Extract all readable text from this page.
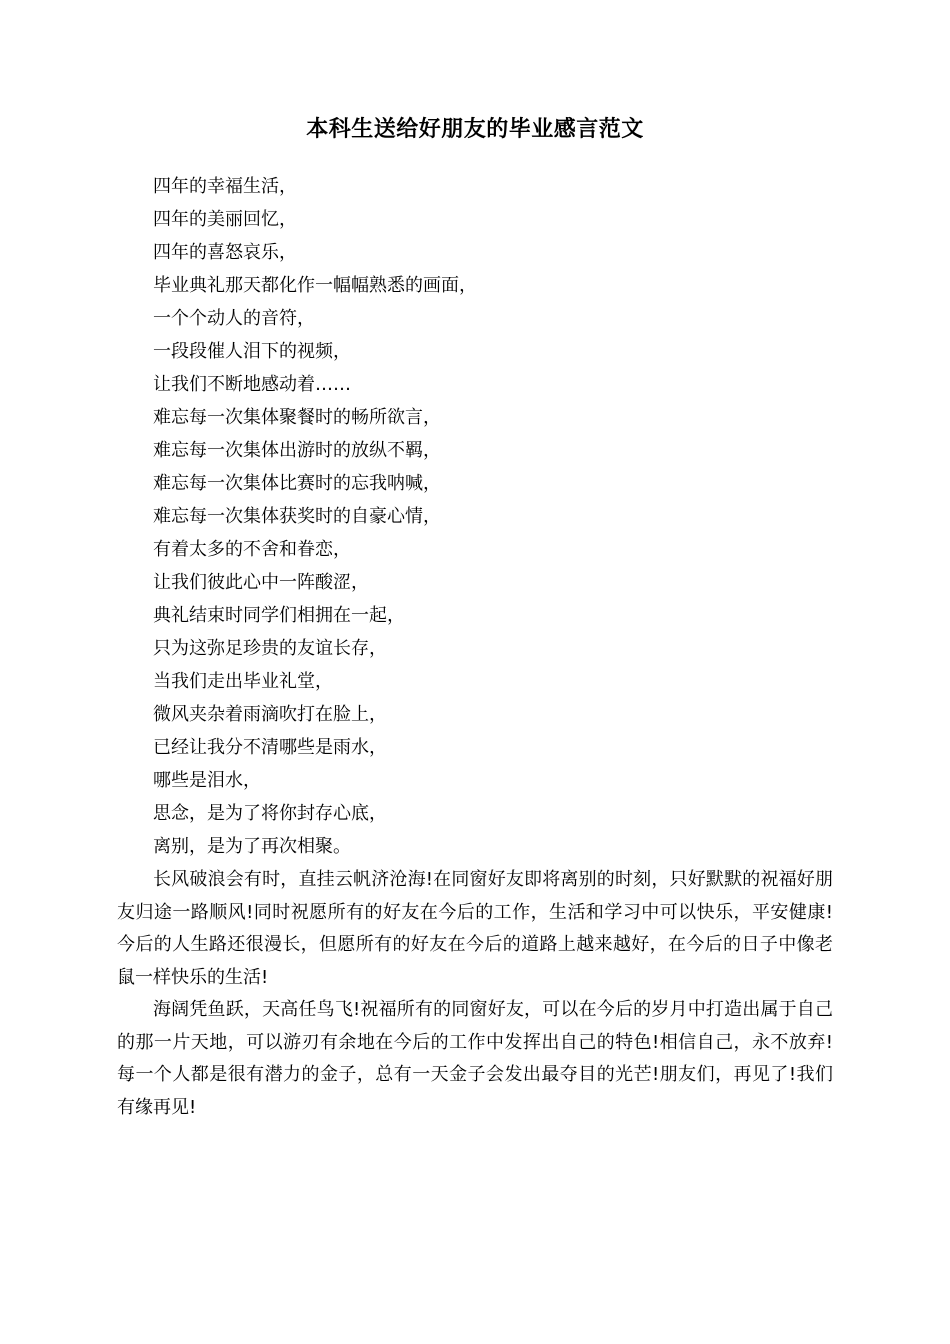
本科生送给好朋友的毕业感言范文
四年的幸福生活，
四年的美丽回忆，
四年的喜怒哀乐，
毕业典礼那天都化作一幅幅熟悉的画面，
一个个动人的音符，
一段段催人泪下的视频，
让我们不断地感动着……
难忘每一次集体聚餐时的畅所欲言，
难忘每一次集体出游时的放纵不羁，
难忘每一次集体比赛时的忘我呐喊，
难忘每一次集体获奖时的自豪心情，
有着太多的不舍和眷恋，
让我们彼此心中一阵酸涩，
典礼结束时同学们相拥在一起，
只为这弥足珍贵的友谊长存，
当我们走出毕业礼堂，
微风夹杂着雨滴吹打在脸上，
已经让我分不清哪些是雨水，
哪些是泪水，
思念，是为了将你封存心底，
离别，是为了再次相聚。

长风破浪会有时，直挂云帆济沧海!在同窗好友即将离别的时刻，只好默默的祝福好朋友归途一路顺风!同时祝愿所有的好友在今后的工作，生活和学习中可以快乐，平安健康!今后的人生路还很漫长，但愿所有的好友在今后的道路上越来越好，在今后的日子中像老鼠一样快乐的生活!

海阔凭鱼跃，天高任鸟飞!祝福所有的同窗好友，可以在今后的岁月中打造出属于自己的那一片天地，可以游刃有余地在今后的工作中发挥出自己的特色!相信自己，永不放弃!每一个人都是很有潜力的金子，总有一天金子会发出最夺目的光芒!朋友们，再见了!我们有缘再见!
